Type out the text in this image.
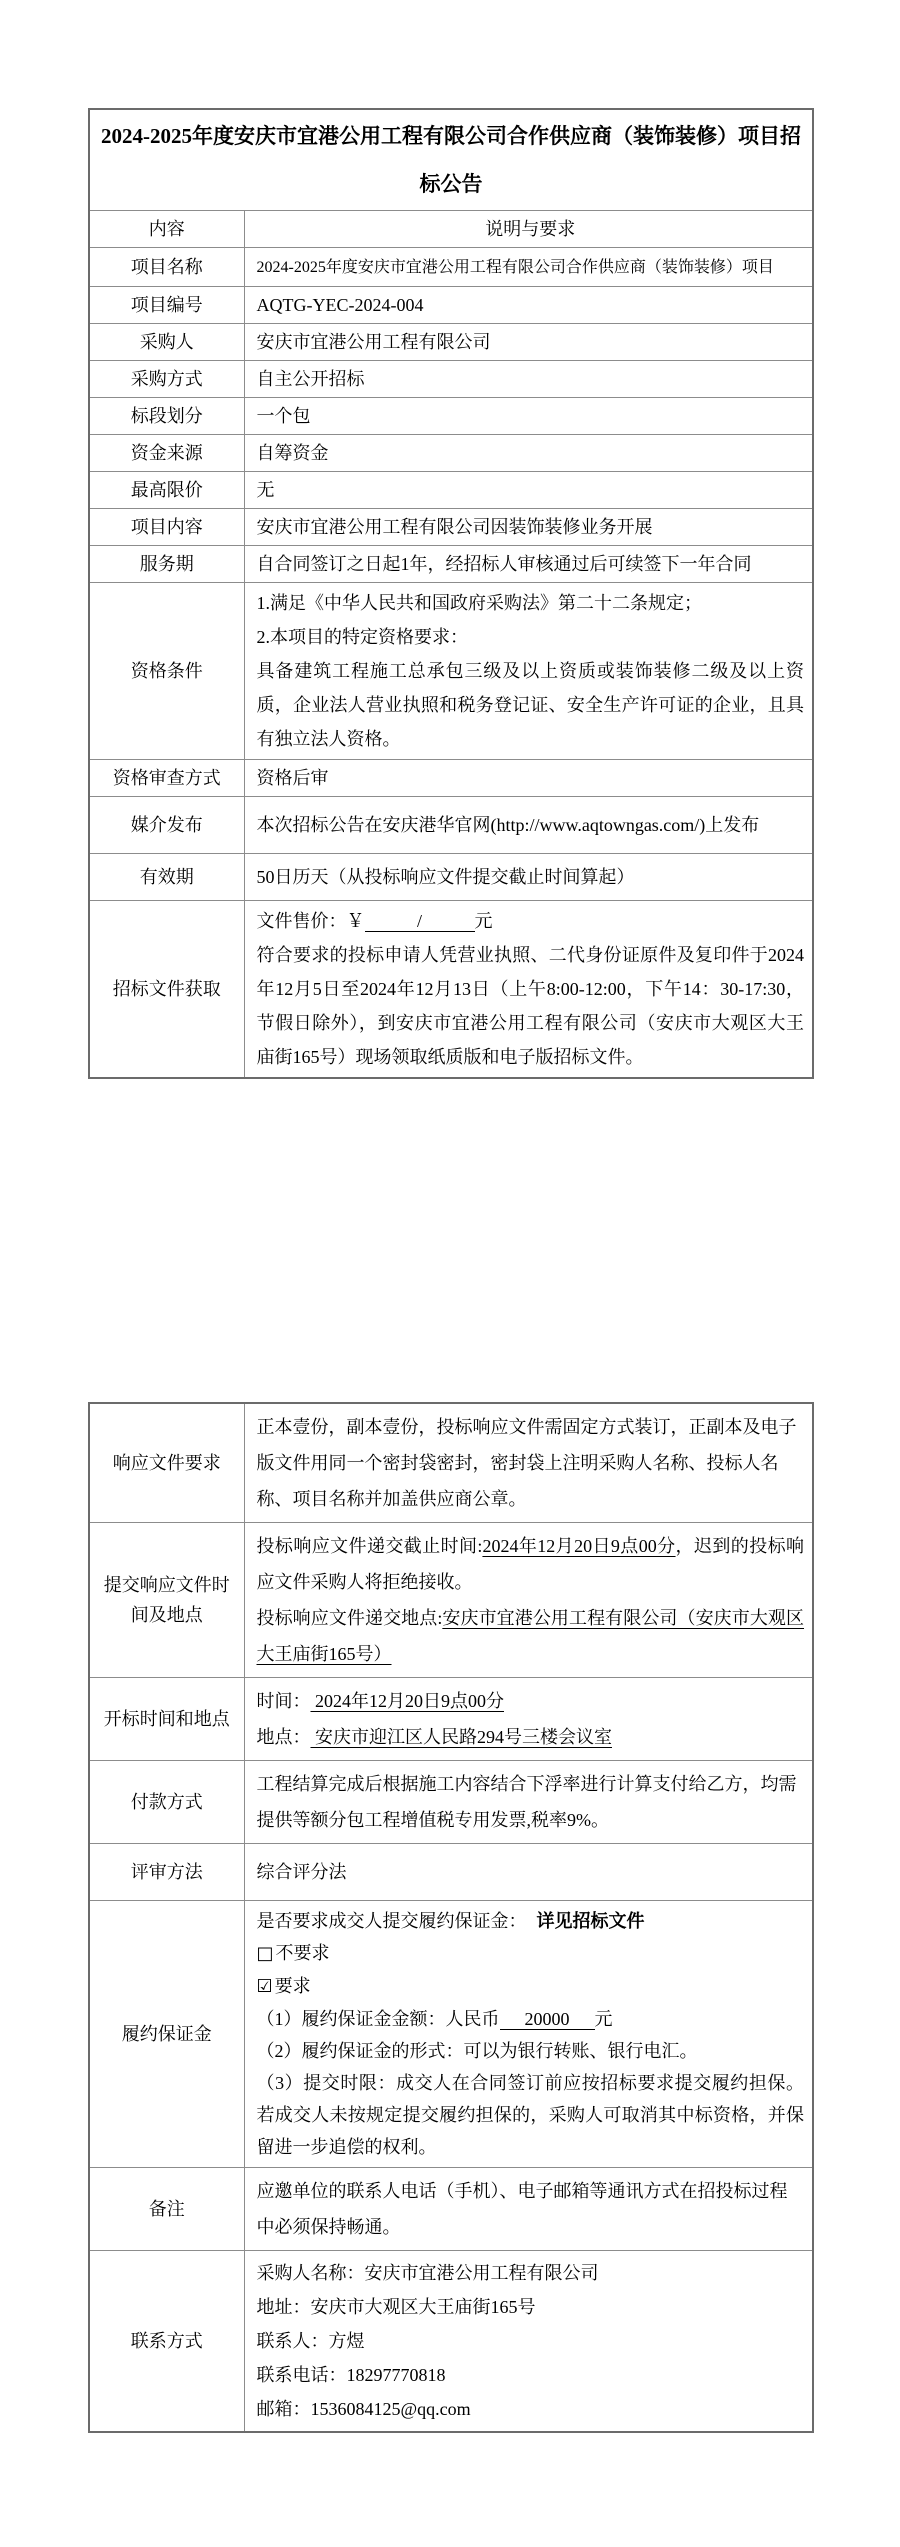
2024-2025年度安庆市宜港公用工程有限公司合作供应商（装饰装修）项目招标公告	
内容	说明与要求
项目名称	2024-2025年度安庆市宜港公用工程有限公司合作供应商（装饰装修）项目
项目编号	AQTG-YEC-2024-004
采购人	安庆市宜港公用工程有限公司
采购方式	自主公开招标
标段划分	一个包
资金来源	自筹资金
最高限价	无
项目内容	安庆市宜港公用工程有限公司因装饰装修业务开展
服务期	自合同签订之日起1年，经招标人审核通过后可续签下一年合同
资格条件	1.满足《中华人民共和国政府采购法》第二十二条规定；

2.本项目的特定资格要求：

具备建筑工程施工总承包三级及以上资质或装饰装修二级及以上资质，企业法人营业执照和税务登记证、安全生产许可证的企业，且具有独立法人资格。

资格审查方式	资格后审
媒介发布	本次招标公告在安庆港华官网(http://www.aqtowngas.com/)上发布
有效期	50日历天（从投标响应文件提交截止时间算起）
招标文件获取	文件售价：￥ / 元

符合要求的投标申请人凭营业执照、二代身份证原件及复印件于2024年12月5日至2024年12月13日（上午8:00-12:00，下午14：30-17:30，节假日除外），到安庆市宜港公用工程有限公司（安庆市大观区大王庙街165号）现场领取纸质版和电子版招标文件。

响应文件要求	正本壹份，副本壹份，投标响应文件需固定方式装订，正副本及电子版文件用同一个密封袋密封，密封袋上注明采购人名称、投标人名称、项目名称并加盖供应商公章。
提交响应文件时间及地点	投标响应文件递交截止时间:2024年12月20日9点00分，迟到的投标响应文件采购人将拒绝接收。

投标响应文件递交地点:安庆市宜港公用工程有限公司（安庆市大观区大王庙街165号）

开标时间和地点	时间： 2024年12月20日9点00分

地点： 安庆市迎江区人民路294号三楼会议室

付款方式	工程结算完成后根据施工内容结合下浮率进行计算支付给乙方，均需提供等额分包工程增值税专用发票,税率9%。
评审方法	综合评分法
履约保证金	

是否要求成交人提交履约保证金： 详见招标文件

□ 不要求

☑ 要求

（1）履约保证金金额：人民币 20000 元

（2）履约保证金的形式：可以为银行转账、银行电汇。

（3）提交时限：成交人在合同签订前应按招标要求提交履约担保。若成交人未按规定提交履约担保的，采购人可取消其中标资格，并保留进一步追偿的权利。

备注	应邀单位的联系人电话（手机）、电子邮箱等通讯方式在招投标过程中必须保持畅通。
联系方式	采购人名称：安庆市宜港公用工程有限公司

地址：安庆市大观区大王庙街165号

联系人：方煜

联系电话：18297770818

邮箱：1536084125@qq.com
